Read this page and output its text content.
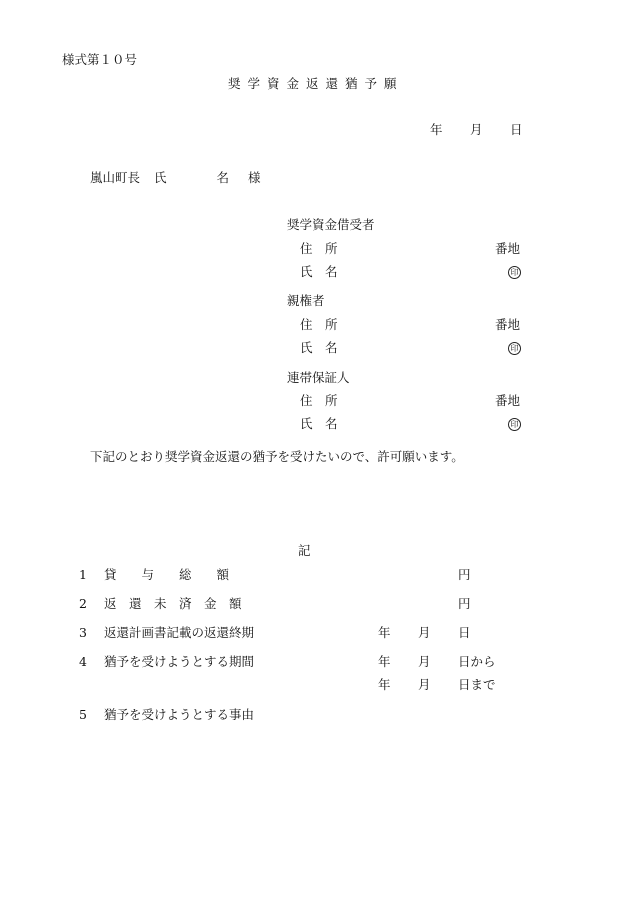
様式第１０号
奨学資金返還猶予願
年 月 日
嵐山町長 氏　　　　名 様
奨学資金借受者
住　所	番地
氏　名	印
親権者
住　所	番地
氏　名	印
連帯保証人
住　所	番地
氏　名	印
下記のとおり奨学資金返還の猶予を受けたいので、許可願います。
記
1 貸　　与　　総　　額	円
2 返　還　未　済　金　額	円
3 返還計画書記載の返還終期	年 月 日
4 猶予を受けようとする期間	年 月 日から
年 月 日まで
5 猶予を受けようとする事由
